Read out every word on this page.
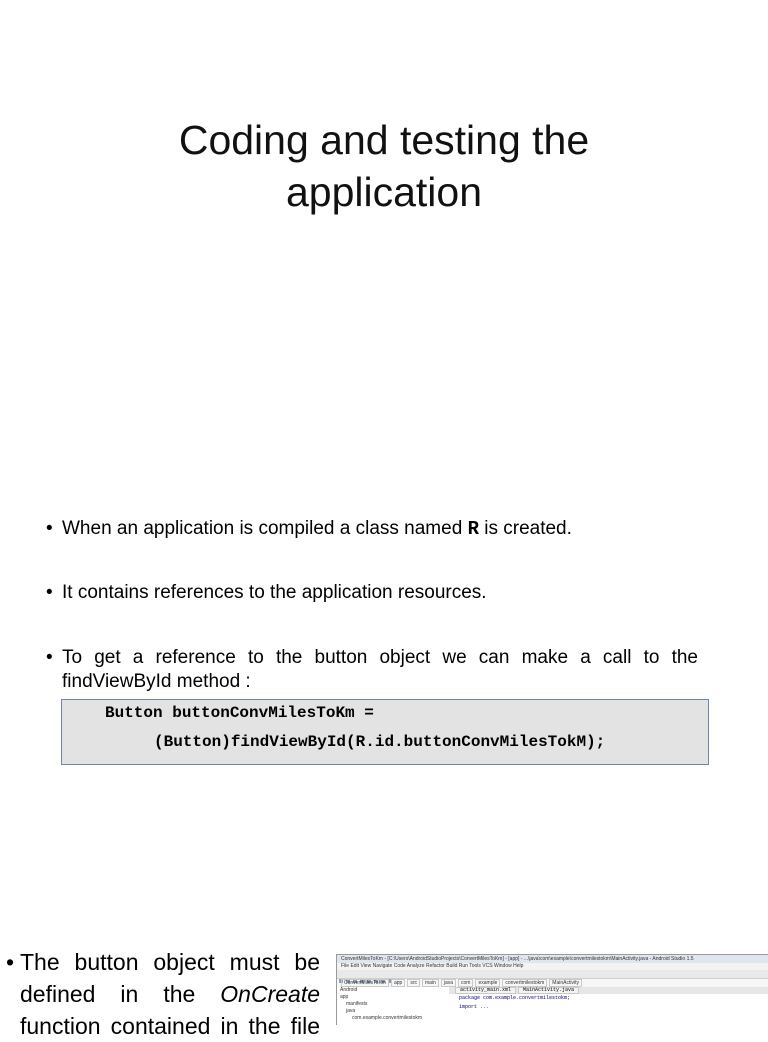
Coding and testing the
application
• When an application is compiled a class named R is created.
• It contains references to the application resources.
• To get a reference to the button object we can make a call to the findViewById method :
Button buttonConvMilesToKm =
(Button)findViewById(R.id.buttonConvMilesTokM);
• The button object must be defined in the OnCreate function contained in the file
ConvertMilesToKm - [C:\Users\AndroidStudioProjects\ConvertMilesToKm] - [app] - ...\java\com\example\convertmilestokm\MainActivity.java - Android Studio 1.5
File Edit View Navigate Code Analyze Refactor Build Run Tools VCS Window Help
ConvertMilesToKm app src main java com example convertmilestokm MainActivity
Android
app
manifests
java
com.example.convertmilestokm
activity_main.xml MainActivity.java
package com.example.convertmilestokm;
import ...
